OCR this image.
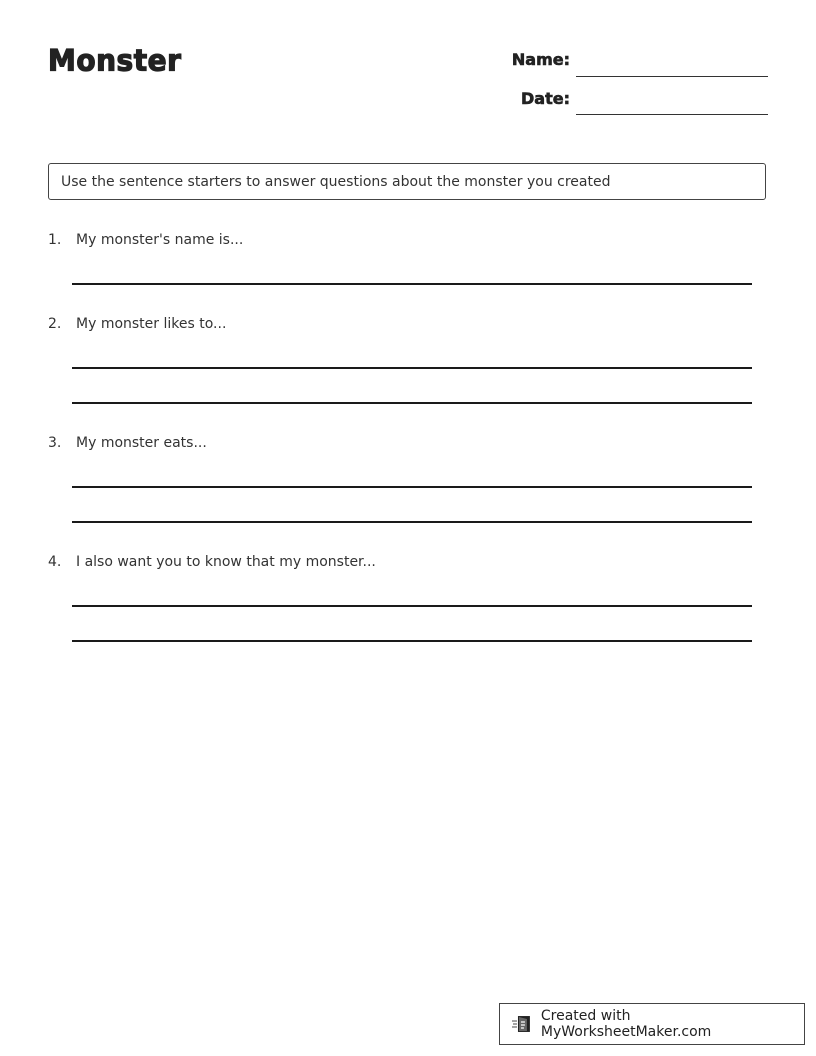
Monster	Name:
Date:
Use the sentence starters to answer questions about the monster you created
1. My monster's name is...
2. My monster likes to...
3. My monster eats...
4. I also want you to know that my monster...
Created with MyWorksheetMaker.com
